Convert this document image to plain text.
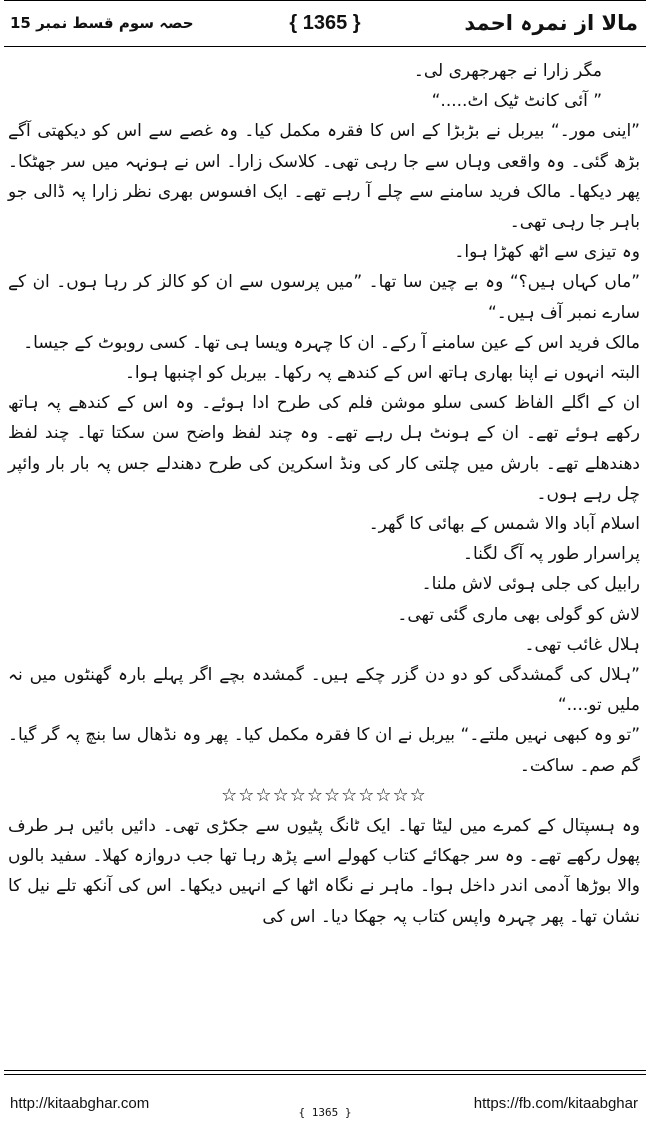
حصہ سوم قسط نمبر 15	{ 1365 }	مالا از نمرہ احمد

مگر زارا نے جھرجھری لی۔

” آئی کانٹ ٹیک اٹ.....“

”اینی مور۔“ بیربل نے بڑبڑا کے اس کا فقرہ مکمل کیا۔ وہ غصے سے اس کو دیکھتی آگے بڑھ گئی۔ وہ واقعی وہاں سے جا رہی تھی۔ کلاسک زارا۔ اس نے ہونہہ میں سر جھٹکا۔ پھر دیکھا۔ مالک فرید سامنے سے چلے آ رہے تھے۔ ایک افسوس بھری نظر زارا پہ ڈالی جو باہر جا رہی تھی۔

وہ تیزی سے اٹھ کھڑا ہوا۔

”ماں کہاں ہیں؟“ وہ بے چین سا تھا۔ ”میں پرسوں سے ان کو کالز کر رہا ہوں۔ ان کے سارے نمبر آف ہیں۔“

مالک فرید اس کے عین سامنے آ رکے۔ ان کا چہرہ ویسا ہی تھا۔ کسی روبوٹ کے جیسا۔

البتہ انہوں نے اپنا بھاری ہاتھ اس کے کندھے پہ رکھا۔ بیربل کو اچنبھا ہوا۔

ان کے اگلے الفاظ کسی سلو موشن فلم کی طرح ادا ہوئے۔ وہ اس کے کندھے پہ ہاتھ رکھے ہوئے تھے۔ ان کے ہونٹ ہل رہے تھے۔ وہ چند لفظ واضح سن سکتا تھا۔ چند لفظ دھندھلے تھے۔ بارش میں چلتی کار کی ونڈ اسکرین کی طرح دھندلے جس پہ بار بار وائپر چل رہے ہوں۔

اسلام آباد والا شمس کے بھائی کا گھر۔

پراسرار طور پہ آگ لگنا۔

رابیل کی جلی ہوئی لاش ملنا۔

لاش کو گولی بھی ماری گئی تھی۔

ہلال غائب تھی۔

”ہلال کی گمشدگی کو دو دن گزر چکے ہیں۔ گمشدہ بچے اگر پہلے بارہ گھنٹوں میں نہ ملیں تو....“

”تو وہ کبھی نہیں ملتے۔“ بیربل نے ان کا فقرہ مکمل کیا۔ پھر وہ نڈھال سا بنچ پہ گر گیا۔ گم صم۔ ساکت۔

☆☆☆☆☆☆☆☆☆☆☆☆

وہ ہسپتال کے کمرے میں لیٹا تھا۔ ایک ٹانگ پٹیوں سے جکڑی تھی۔ دائیں بائیں ہر طرف پھول رکھے تھے۔ وہ سر جھکائے کتاب کھولے اسے پڑھ رہا تھا جب دروازہ کھلا۔ سفید بالوں والا بوڑھا آدمی اندر داخل ہوا۔ ماہر نے نگاہ اٹھا کے انہیں دیکھا۔ اس کی آنکھ تلے نیل کا نشان تھا۔ پھر چہرہ واپس کتاب پہ جھکا دیا۔ اس کی

http://kitaabghar.com
{ 1365 }
https://fb.com/kitaabghar
